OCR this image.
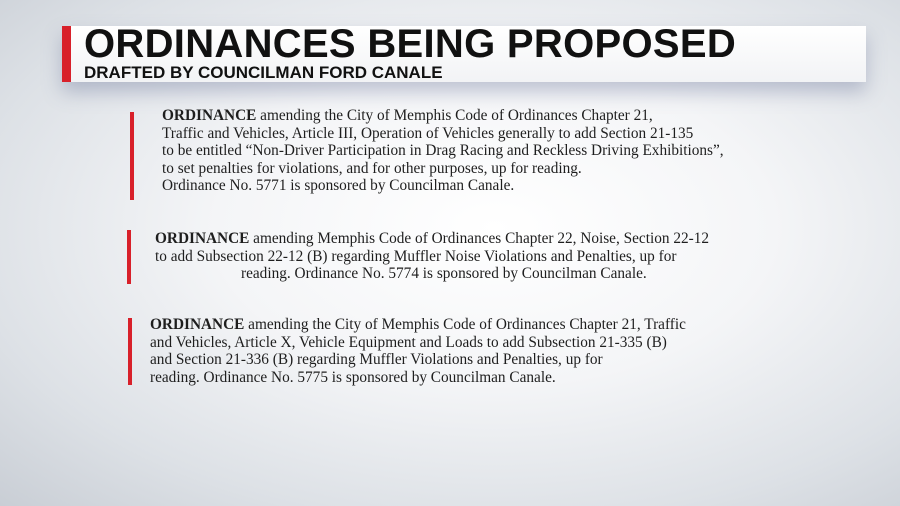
ORDINANCES BEING PROPOSED
DRAFTED BY COUNCILMAN FORD CANALE
ORDINANCE amending the City of Memphis Code of Ordinances Chapter 21,
Traffic and Vehicles, Article III, Operation of Vehicles generally to add Section 21-135
to be entitled “Non-Driver Participation in Drag Racing and Reckless Driving Exhibitions”,
to set penalties for violations, and for other purposes, up for reading.
Ordinance No. 5771 is sponsored by Councilman Canale.
ORDINANCE amending Memphis Code of Ordinances Chapter 22, Noise, Section 22-12
to add Subsection 22-12 (B) regarding Muffler Noise Violations and Penalties, up for
reading. Ordinance No. 5774 is sponsored by Councilman Canale.
ORDINANCE amending the City of Memphis Code of Ordinances Chapter 21, Traffic
and Vehicles, Article X, Vehicle Equipment and Loads to add Subsection 21-335 (B)
and Section 21-336 (B) regarding Muffler Violations and Penalties, up for
reading. Ordinance No. 5775 is sponsored by Councilman Canale.
